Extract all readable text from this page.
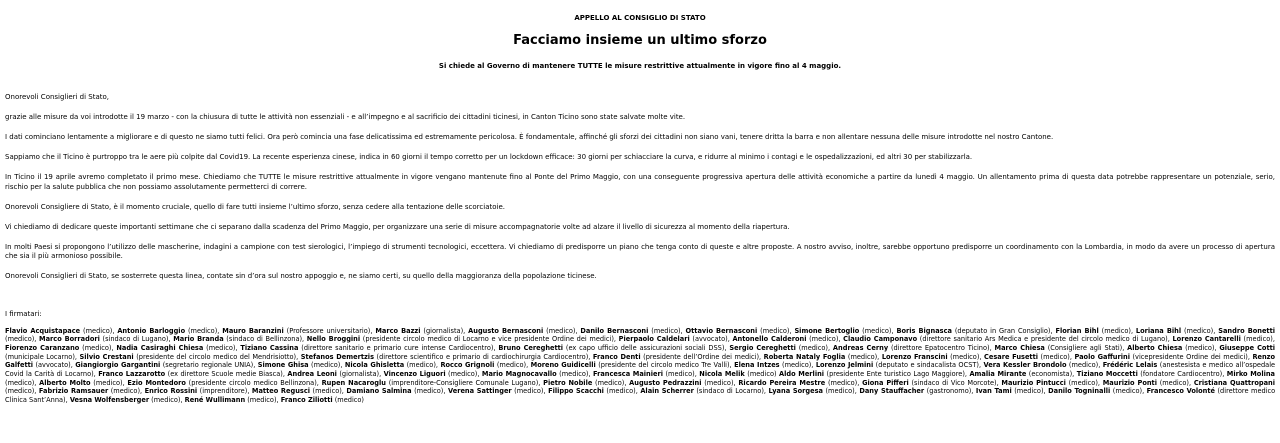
APPELLO AL CONSIGLIO DI STATO
Facciamo insieme un ultimo sforzo
Si chiede al Governo di mantenere TUTTE le misure restrittive attualmente in vigore fino al 4 maggio.

Onorevoli Consiglieri di Stato,

grazie alle misure da voi introdotte il 19 marzo - con la chiusura di tutte le attività non essenziali - e all’impegno e al sacrificio dei cittadini ticinesi, in Canton Ticino sono state salvate molte vite.

I dati cominciano lentamente a migliorare e di questo ne siamo tutti felici. Ora però comincia una fase delicatissima ed estremamente pericolosa. È fondamentale, affinché gli sforzi dei cittadini non siano vani, tenere dritta la barra e non allentare nessuna delle misure introdotte nel nostro Cantone.

Sappiamo che il Ticino è purtroppo tra le aere più colpite dal Covid19. La recente esperienza cinese, indica in 60 giorni il tempo corretto per un lockdown efficace: 30 giorni per schiacciare la curva, e ridurre al minimo i contagi e le ospedalizzazioni, ed altri 30 per stabilizzarla.

In Ticino il 19 aprile avremo completato il primo mese. Chiediamo che TUTTE le misure restrittive attualmente in vigore vengano mantenute fino al Ponte del Primo Maggio, con una conseguente progressiva apertura delle attività economiche a partire da lunedì 4 maggio. Un allentamento prima di questa data potrebbe rappresentare un potenziale, serio, rischio per la salute pubblica che non possiamo assolutamente permetterci di correre.

Onorevoli Consigliere di Stato, è il momento cruciale, quello di fare tutti insieme l’ultimo sforzo, senza cedere alla tentazione delle scorciatoie.

Vi chiediamo di dedicare queste importanti settimane che ci separano dalla scadenza del Primo Maggio, per organizzare una serie di misure accompagnatorie volte ad alzare il livello di sicurezza al momento della riapertura.

In molti Paesi si propongono l’utilizzo delle mascherine, indagini a campione con test sierologici, l’impiego di strumenti tecnologici, eccettera. Vi chiediamo di predisporre un piano che tenga conto di queste e altre proposte. A nostro avviso, inoltre, sarebbe opportuno predisporre un coordinamento con la Lombardia, in modo da avere un processo di apertura che sia il più armonioso possibile.

Onorevoli Consiglieri di Stato, se sosterrete questa linea, contate sin d’ora sul nostro appoggio e, ne siamo certi, su quello della maggioranza della popolazione ticinese.

I firmatari:
Flavio Acquistapace (medico), Antonio Barloggio (medico), Mauro Baranzini (Professore universitario), Marco Bazzi (giornalista), Augusto Bernasconi (medico), Danilo Bernasconi (medico), Ottavio Bernasconi (medico), Simone Bertoglio (medico), Boris Bignasca (deputato in Gran Consiglio), Florian Bihl (medico), Loriana Bihl (medico), Sandro Bonetti (medico), Marco Borradori (sindaco di Lugano), Mario Branda (sindaco di Bellinzona), Nello Broggini (presidente circolo medico di Locarno e vice presidente Ordine dei medici), Pierpaolo Caldelari (avvocato), Antonello Calderoni (medico), Claudio Camponavo (direttore sanitario Ars Medica e presidente del circolo medico di Lugano), Lorenzo Cantarelli (medico), Fiorenzo Caranzano (medico), Nadia Casiraghi Chiesa (medico), Tiziano Cassina (direttore sanitario e primario cure intense Cardiocentro), Bruno Cereghetti (ex capo ufficio delle assicurazioni sociali DSS), Sergio Cereghetti (medico), Andreas Cerny (direttore Epatocentro Ticino), Marco Chiesa (Consigliere agli Stati), Alberto Chiesa (medico), Giuseppe Cotti (municipale Locarno), Silvio Crestani (presidente del circolo medico del Mendrisiotto), Stefanos Demertzis (direttore scientifico e primario di cardiochirurgia Cardiocentro), Franco Denti (presidente dell’Ordine dei medici), Roberta Nataly Foglia (medico), Lorenzo Franscini (medico), Cesare Fusetti (medico), Paolo Gaffurini (vicepresidente Ordine dei medici), Renzo Galfetti (avvocato), Giangiorgio Gargantini (segretario regionale UNIA), Simone Ghisa (medico), Nicola Ghisletta (medico), Rocco Grignoli (medico), Moreno Guidicelli (presidente del circolo medico Tre Valli), Elena Intzes (medico), Lorenzo Jelmini (deputato e sindacalista OCST), Vera Kessler Brondolo (medico), Frédéric Lelais (anestesista e medico all’ospedale Covid la Carità di Locarno), Franco Lazzarotto (ex direttore Scuole medie Biasca), Andrea Leoni (giornalista), Vincenzo Liguori (medico), Mario Magnocavallo (medico), Francesca Mainieri (medico), Nicola Melik (medico) Aldo Merlini (presidente Ente turistico Lago Maggiore), Amalia Mirante (economista), Tiziano Moccetti (fondatore Cardiocentro), Mirko Molina (medico), Alberto Molto (medico), Ezio Montedoro (presidente circolo medico Bellinzona), Rupen Nacaroglu (imprenditore-Consigliere Comunale Lugano), Pietro Nobile (medico), Augusto Pedrazzini (medico), Ricardo Pereira Mestre (medico), Giona Pifferi (sindaco di Vico Morcote), Maurizio Pintucci (medico), Maurizio Ponti (medico), Cristiana Quattropani (medico), Fabrizio Ramsauer (medico), Enrico Rossini (imprenditore), Matteo Regusci (medico), Damiano Salmina (medico), Verena Sattinger (medico), Filippo Scacchi (medico), Alain Scherrer (sindaco di Locarno), Lyana Sorgesa (medico), Dany Stauffacher (gastronomo), Ivan Tami (medico), Danilo Togninalli (medico), Francesco Volonté (direttore medico Clinica Sant’Anna), Vesna Wolfensberger (medico), René Wullimann (medico), Franco Ziliotti (medico)
